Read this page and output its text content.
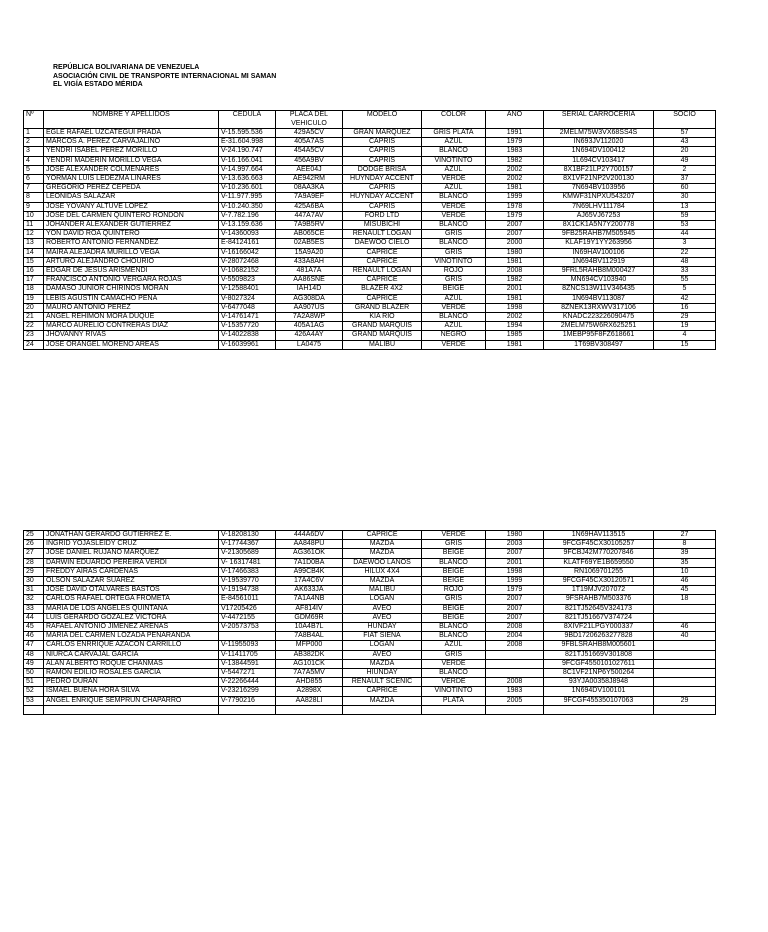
REPÚBLICA BOLIVARIANA DE VENEZUELA
ASOCIACIÓN CIVIL DE TRANSPORTE INTERNACIONAL MI SAMAN
EL VIGÍA ESTADO MÉRIDA
Nº	NOMBRE Y APELLIDOS	CEDULA	PLACA DEL VEHICULO	MODELO	COLOR	AÑO	SERIAL CARROCERIA	SOCIO
1	EGLE RAFAEL UZCATEGUI PRADA	V-15.595.536	429A5CV	GRAN MARQUEZ	GRIS PLATA	1991	2MELM75W3VX68SS4S	57
2	MARCOS A. PEREZ CARVAJALINO	E-31.604.998	405A7AS	CAPRIS	AZUL	1979	IN693JV112020	43
3	YENDRI ISABEL PEREZ MORILLO	V-24.190.747	454A5CV	CAPRIS	BLANCO	1983	1N694DV100412	20
4	YENDRI MADERIN MORILLO VEGA	V-16.166.041	456A9BV	CAPRIS	VINOTINTO	1982	1L694CV103417	49
5	JOSE ALEXANDER COLMENARES	V-14.997.664	AEE04J	DODGE BRISA	AZUL	2002	8X1BF21LP2Y700157	2
6	YORMAN LUIS LEDEZMA LINARES	V-13.636.663	AE942RM	HUYNDAY ACCENT	VERDE	2002	8X1VF21NP2V200130	37
7	GREGORIO PEREZ CEPEDA	V-10.236.601	08AA3KA	CAPRIS	AZUL	1981	7N694BV103956	60
8	LEONIDAS SALAZAR	V-11.977.995	7A9A9EF	HUYNDAY ACCENT	BLANCO	1999	KMWF31NPXU543207	30
9	JOSE YOVANY ALTUVE LOPEZ	V-10.240.350	425A6BA	CAPRIS	VERDE	1978	7N69LHV111784	13
10	JOSE DEL CARMEN QUINTERO RONDON	V-7.782.196	447A7AV	FORD LTD	VERDE	1979	AJ65VJ67253	59
11	JOHANDER ALEXANDER GUTIERREZ	V-13.159.636	7A9B5RV	MISUBICHI	BLANCO	2007	8X1CK1A5N7Y200778	53
12	YON DAVID ROA QUINTERO	V-14360093	AB065CE	RENAULT LOGAN	GRIS	2007	9FB25RAHB7M505945	44
13	ROBERTO ANTONIO FERNANDEZ	E-84124161	02AB5ES	DAEWOO CIELO	BLANCO	2000	KLAF19Y1YY263956	3
14	MAIRA ALEJADRA MURILLO VEGA	V-16166042	15A9A20	CAPRICE	GRIS	1980	IN69HAV100106	22
15	ARTURO ALEJANDRO CHOURIO	V-28072468	433A8AH	CAPRICE	VINOTINTO	1981	1N694BV112919	48
16	EDGAR DE JESUS ARISMENDI	V-10682152	481A7A	RENAULT LOGAN	ROJO	2008	9FRL5RAHB8M000427	33
17	FRANCISCO ANTONIO VERGARA ROJAS	V-5509823	AA86SNE	CAPRICE	GRIS	1982	MN694CV103940	55
18	DAMASO JUNIOR CHIRINOS MORAN	V-12588401	IAH14D	BLAZER 4X2	BEIGE	2001	8ZNCS13W11V346435	5
19	LEBIS AGUSTIN CAMACHO PENA	V-8027324	AG308DA	CAPRICE	AZUL	1981	1N694BV113087	42
20	MAURO ANTONIO PEREZ	V-6477048	AA907US	GRAND BLAZER	VERDE	1998	8ZNEK13RXWV317106	16
21	ANGEL REHIMON MORA DUQUE	V-14761471	7A2A8WP	KIA RIO	BLANCO	2002	KNADC223226090475	29
22	MARCO AURELIO CONTRERAS DIAZ	V-15357720	405A1AG	GRAND MARQUIS	AZUL	1994	2MELM75W6RX625251	19
23	JHOVANNY RIVAS	V-14022838	426A4AY	GRAND MARQUIS	NEGRO	1985	1MEBP95F8FZ618661	4
24	JOSE ORANGEL MORENO AREAS	V-16039961	LA0475	MALIBU	VERDE	1981	1T69BV308497	15
25	JONATHAN GERARDO GUTIERREZ E.	V-18208130	444A6DV	CAPRICE	VERDE	1980	1N69HAV113515	27
26	INGRID YOJASLEIDY CRUZ	V-17744367	AA848PU	MAZDA	GRIS	2003	9FCGF45CX30105257	8
27	JOSE DANIEL RUJANO MARQUEZ	V-21305689	AG361OK	MAZDA	BEIGE	2007	9FCBJ42M770207846	39
28	DARWIN EDUARDO PEREIRA VERDI	V- 16317481	7A1D0BA	DAEWOO LANOS	BLANCO	2001	KLATF69YE1B659550	35
29	FREDDY AIRAS CARDENAS	V-17466383	A99CB4K	HILUX 4X4	BEIGE	1998	RN1069701255	10
30	OLSON SALAZAR SUAREZ	V-19539770	17A4C6V	MAZDA	BEIGE	1999	9FCGF45CX30120571	46
31	JOSE DAVID OTALVARES BASTOS	V-19194738	AK633JA	MALIBU	ROJO	1979	1T19MJV207072	45
32	CARLOS RAFAEL ORTEGA FROMETA	E-84561011	7A1A4NB	LOGAN	GRIS	2007	9FSRAHB7M503376	18
33	MARIA DE LOS ANGELES QUINTANA	V17205426	AF814IV	AVEO	BEIGE	2007	821TJ52645V324173	
44	LUIS GERARDO GOZALEZ VICTORA	V-4472155	GDM69R	AVEO	BEIGE	2007	821TJ51667V374724	
45	RAFAEL ANTONIO JIMENEZ ARENAS	V-20573753	10A4B7L	HUNDAY	BLANCO	2008	8XIVF21LPGY000337	46
46	MARIA DEL CARMEN LOZADA PENARANDA		7A8B4AL	FIAT SIENA	BLANCO	2004	9BD17206263277828	40
47	CARLOS ENRRIQUE AZACON CARRILLO	V-11955093	MFP000	LOGAN	AZUL	2008	9FBLSRAHB8M005601	
48	NIURCA CARVAJAL GARCIA	V-11411705	AB382DK	AVEO	GRIS		821TJ51669V301808	
49	ALAN ALBERTO ROQUE CHANMAS	V-13844591	AG101CK	MAZDA	VERDE		9FCGF4550101027611	
50	RAMON EDILIO ROSALES GARCIA	V-5447271	7A7A5MV	HIUNDAY	BLANCO		8C1VF21NP6Y500264	
51	PEDRO DURAN	V-22266444	AHD855	RENAULT SCENIC	VERDE	2008	93YJA00358J8948	
52	ISMAEL BUENA HORA SILVA	V-23216299	A2898X	CAPRICE	VINOTINTO	1983	1N694DV100101	
53	ANGEL ENRIQUE SEMPRUN CHAPARRO	V-7790216	AA828LI	MAZDA	PLATA	2005	9FCGF455350107063	29
